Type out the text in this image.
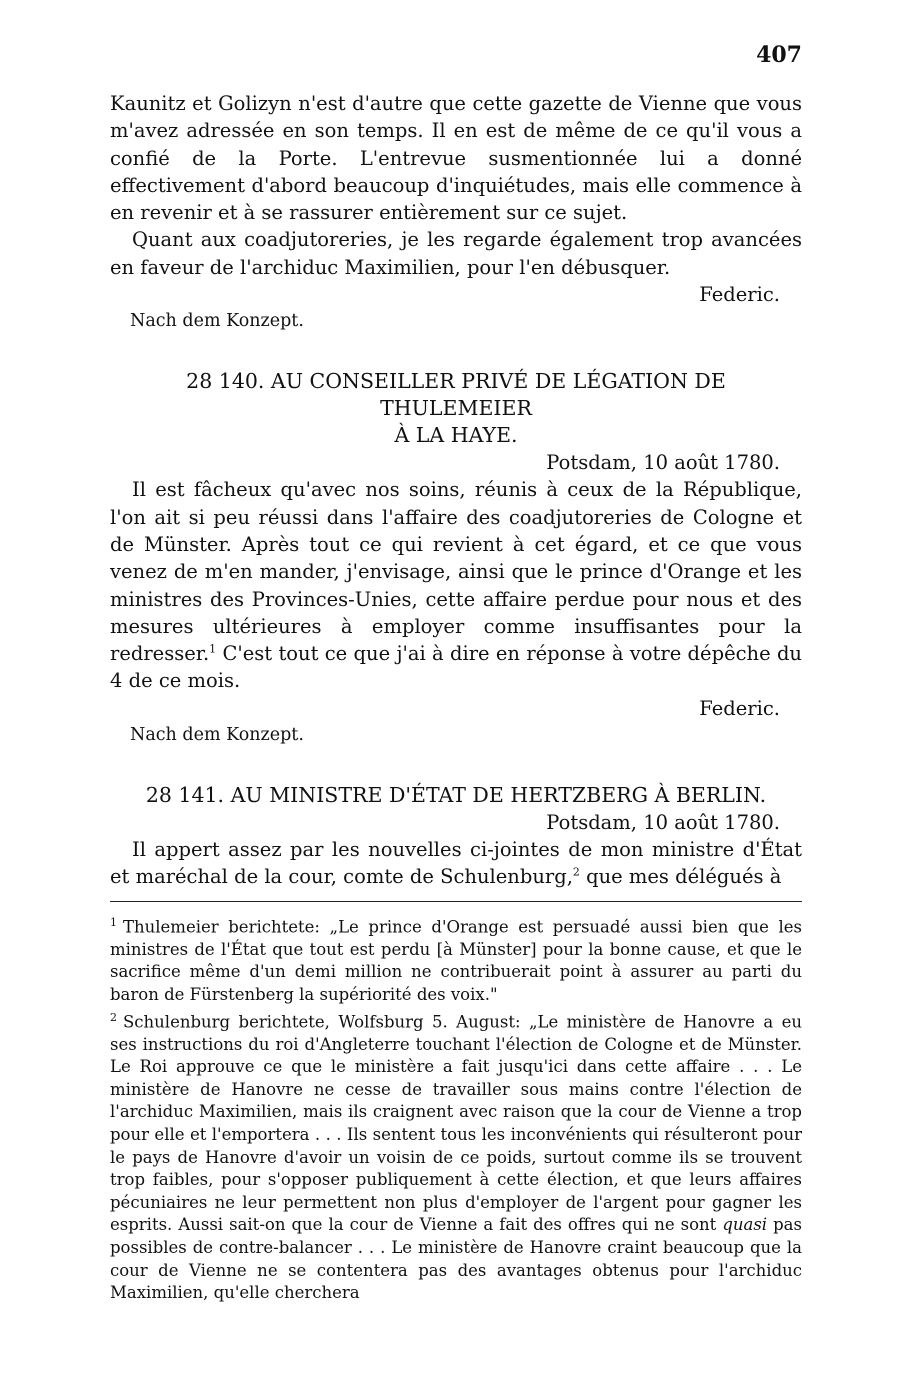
407

Kaunitz et Golizyn n'est d'autre que cette gazette de Vienne que vous m'avez adressée en son temps. Il en est de même de ce qu'il vous a confié de la Porte. L'entrevue susmentionnée lui a donné effectivement d'abord beaucoup d'inquiétudes, mais elle commence à en revenir et à se rassurer entièrement sur ce sujet.

Quant aux coadjutoreries, je les regarde également trop avancées en faveur de l'archiduc Maximilien, pour l'en débusquer.

Federic.
Nach dem Konzept.
28 140. AU CONSEILLER PRIVÉ DE LÉGATION DE THULEMEIER
À LA HAYE.
Potsdam, 10 août 1780.

Il est fâcheux qu'avec nos soins, réunis à ceux de la République, l'on ait si peu réussi dans l'affaire des coadjutoreries de Cologne et de Münster. Après tout ce qui revient à cet égard, et ce que vous venez de m'en mander, j'envisage, ainsi que le prince d'Orange et les ministres des Provinces-Unies, cette affaire perdue pour nous et des mesures ultérieures à employer comme insuffisantes pour la redresser.$^1$ C'est tout ce que j'ai à dire en réponse à votre dépêche du 4 de ce mois.

Federic.
Nach dem Konzept.
28 141. AU MINISTRE D'ÉTAT DE HERTZBERG À BERLIN.
Potsdam, 10 août 1780.

Il appert assez par les nouvelles ci-jointes de mon ministre d'État et maréchal de la cour, comte de Schulenburg,$^2$ que mes délégués à

$^1$ Thulemeier berichtete: „Le prince d'Orange est persuadé aussi bien que les ministres de l'État que tout est perdu [à Münster] pour la bonne cause, et que le sacrifice même d'un demi million ne contribuerait point à assurer au parti du baron de Fürstenberg la supériorité des voix."

$^2$ Schulenburg berichtete, Wolfsburg 5. August: „Le ministère de Hanovre a eu ses instructions du roi d'Angleterre touchant l'élection de Cologne et de Münster. Le Roi approuve ce que le ministère a fait jusqu'ici dans cette affaire . . . Le ministère de Hanovre ne cesse de travailler sous mains contre l'élection de l'archiduc Maximilien, mais ils craignent avec raison que la cour de Vienne a trop pour elle et l'emportera . . . Ils sentent tous les inconvénients qui résulteront pour le pays de Hanovre d'avoir un voisin de ce poids, surtout comme ils se trouvent trop faibles, pour s'opposer publiquement à cette élection, et que leurs affaires pécuniaires ne leur permettent non plus d'employer de l'argent pour gagner les esprits. Aussi sait-on que la cour de Vienne a fait des offres qui ne sont quasi pas possibles de contre-balancer . . . Le ministère de Hanovre craint beaucoup que la cour de Vienne ne se contentera pas des avantages obtenus pour l'archiduc Maximilien, qu'elle cherchera
